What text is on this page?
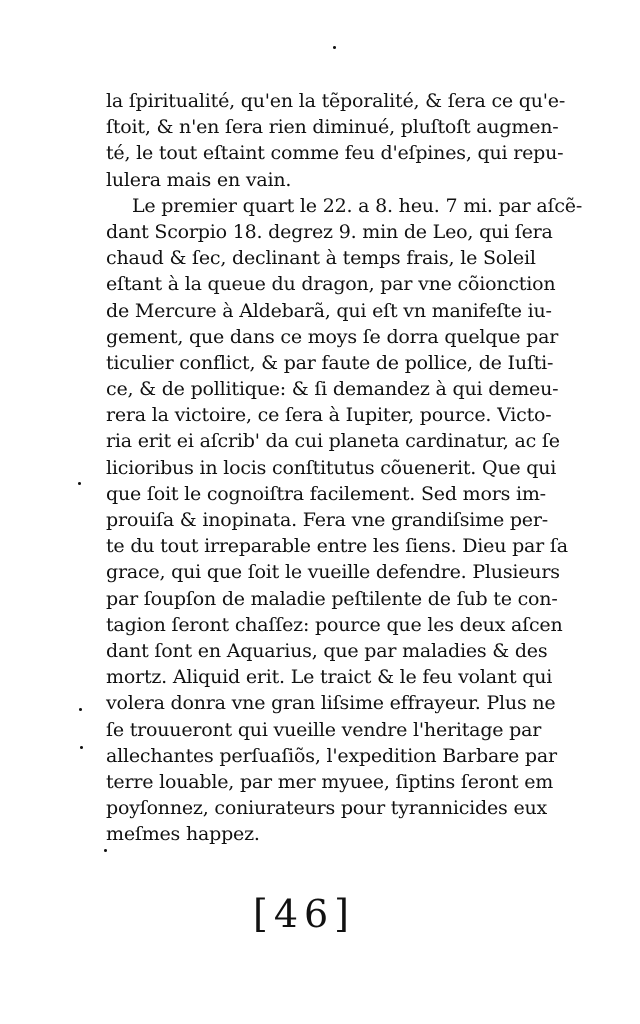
la ſpiritualité, qu'en la tẽporalité, & ſera ce qu'e-
ſtoit, & n'en ſera rien diminué, pluſtoſt augmen-
té, le tout eſtaint comme feu d'eſpines, qui repu-
lulera mais en vain.
Le premier quart le 22. a 8. heu. 7 mi. par aſcẽ-
dant Scorpio 18. degrez 9. min de Leo, qui ſera
chaud & ſec, declinant à temps frais, le Soleil
eſtant à la queue du dragon, par vne cõionction
de Mercure à Aldebarã, qui eſt vn manifeſte iu-
gement, que dans ce moys ſe dorra quelque par
ticulier conflict, & par faute de pollice, de Iuſti-
ce, & de pollitique: & ſi demandez à qui demeu-
rera la victoire, ce ſera à Iupiter, pource. Victo-
ria erit ei aſcrib' da cui planeta cardinatur, ac ſe
licioribus in locis conſtitutus cõuenerit. Que qui
que ſoit le cognoiſtra facilement. Sed mors im-
prouiſa & inopinata. Fera vne grandiſsime per-
te du tout irreparable entre les ſiens. Dieu par ſa
grace, qui que ſoit le vueille defendre. Plusieurs
par ſoupſon de maladie peſtilente de ſub te con-
tagion ſeront chaſſez: pource que les deux aſcen
dant ſont en Aquarius, que par maladies & des
mortz. Aliquid erit. Le traict & le feu volant qui
volera donra vne gran liſsime effrayeur. Plus ne
ſe trouueront qui vueille vendre l'heritage par
allechantes perſuaſiõs, l'expedition Barbare par
terre louable, par mer myuee, ſiptins ſeront em
poyſonnez, coniurateurs pour tyrannicides eux
meſmes happez.
[46]
